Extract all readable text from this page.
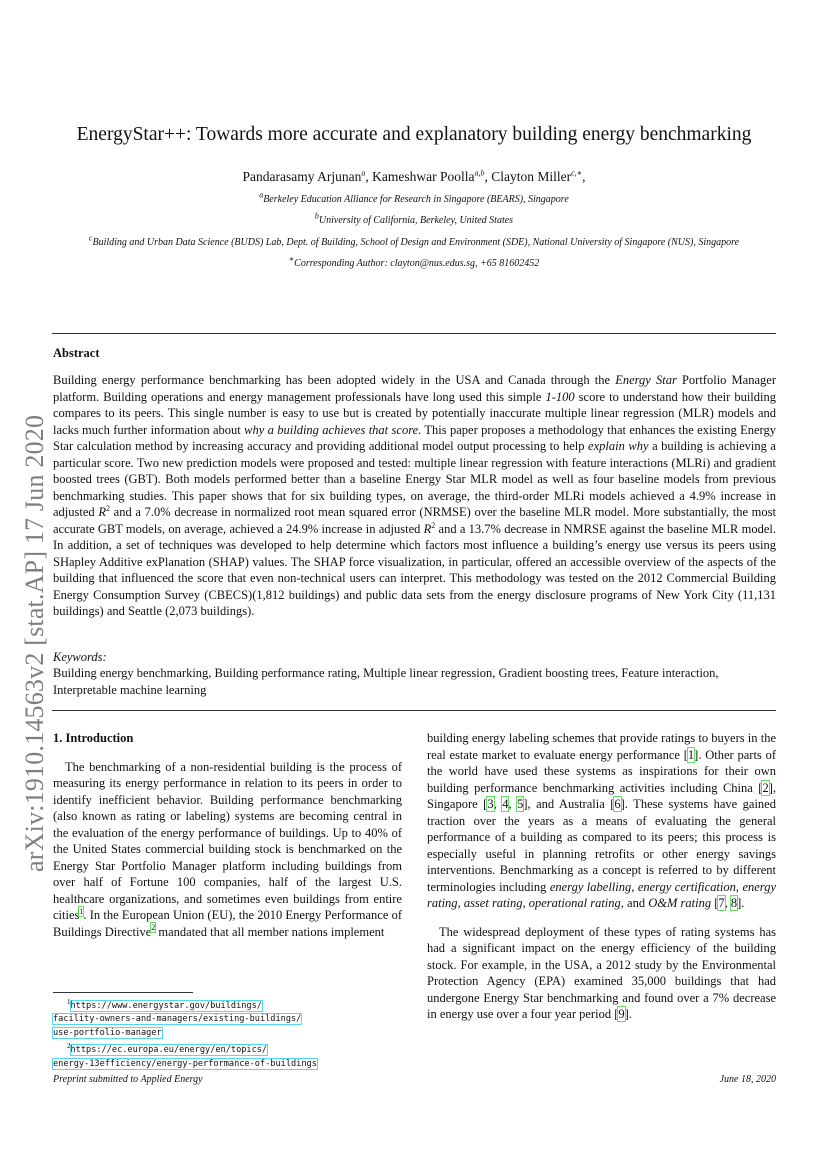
arXiv:1910.14563v2 [stat.AP] 17 Jun 2020
EnergyStar++: Towards more accurate and explanatory building energy benchmarking
Pandarasamy Arjunan$^a$, Kameshwar Poolla$^{a,b}$, Clayton Miller$^{c,∗}$,
$^a$Berkeley Education Alliance for Research in Singapore (BEARS), Singapore
$^b$University of California, Berkeley, United States
$^c$Building and Urban Data Science (BUDS) Lab, Dept. of Building, School of Design and Environment (SDE), National University of Singapore (NUS), Singapore
∗Corresponding Author: clayton@nus.edus.sg, +65 81602452
Abstract
Building energy performance benchmarking has been adopted widely in the USA and Canada through the Energy Star Portfolio Manager platform. Building operations and energy management professionals have long used this simple 1-100 score to understand how their building compares to its peers. This single number is easy to use but is created by potentially inaccurate multiple linear regression (MLR) models and lacks much further information about why a building achieves that score. This paper proposes a methodology that enhances the existing Energy Star calculation method by increasing accuracy and providing additional model output processing to help explain why a building is achieving a particular score. Two new prediction models were proposed and tested: multiple linear regression with feature interactions (MLRi) and gradient boosted trees (GBT). Both models performed better than a baseline Energy Star MLR model as well as four baseline models from previous benchmarking studies. This paper shows that for six building types, on average, the third-order MLRi models achieved a 4.9% increase in adjusted $R^2$ and a 7.0% decrease in normalized root mean squared error (NRMSE) over the baseline MLR model. More substantially, the most accurate GBT models, on average, achieved a 24.9% increase in adjusted $R^2$ and a 13.7% decrease in NMRSE against the baseline MLR model. In addition, a set of techniques was developed to help determine which factors most influence a building’s energy use versus its peers using SHapley Additive exPlanation (SHAP) values. The SHAP force visualization, in particular, offered an accessible overview of the aspects of the building that influenced the score that even non-technical users can interpret. This methodology was tested on the 2012 Commercial Building Energy Consumption Survey (CBECS)(1,812 buildings) and public data sets from the energy disclosure programs of New York City (11,131 buildings) and Seattle (2,073 buildings).
Keywords:
Building energy benchmarking, Building performance rating, Multiple linear regression, Gradient boosting trees, Feature interaction, Interpretable machine learning
1. Introduction

The benchmarking of a non-residential building is the process of measuring its energy performance in relation to its peers in order to identify inefficient behavior. Building performance benchmarking (also known as rating or labeling) systems are becoming central in the evaluation of the energy performance of buildings. Up to 40% of the United States commercial building stock is benchmarked on the Energy Star Portfolio Manager platform including buildings from over half of Fortune 100 companies, half of the largest U.S. healthcare organizations, and sometimes even buildings from entire cities$^1$. In the European Union (EU), the 2010 Energy Performance of Buildings Directive$^2$ mandated that all member nations implement

building energy labeling schemes that provide ratings to buyers in the real estate market to evaluate energy performance [1]. Other parts of the world have used these systems as inspirations for their own building performance benchmarking activities including China [2], Singapore [3, 4, 5], and Australia [6]. These systems have gained traction over the years as a means of evaluating the general performance of a building as compared to its peers; this process is especially useful in planning retrofits or other energy savings interventions. Benchmarking as a concept is referred to by different terminologies including energy labelling, energy certification, energy rating, asset rating, operational rating, and O&M rating [7, 8].

The widespread deployment of these types of rating systems has had a significant impact on the energy efficiency of the building stock. For example, in the USA, a 2012 study by the Environmental Protection Agency (EPA) examined 35,000 buildings that had undergone Energy Star benchmarking and found over a 7% decrease in energy use over a four year period [9].

$^1$https://www.energystar.gov/buildings/
facility-owners-and-managers/existing-buildings/
use-portfolio-manager
$^2$https://ec.europa.eu/energy/en/topics/
energy-13efficiency/energy-performance-of-buildings
Preprint submitted to Applied Energy	June 18, 2020
